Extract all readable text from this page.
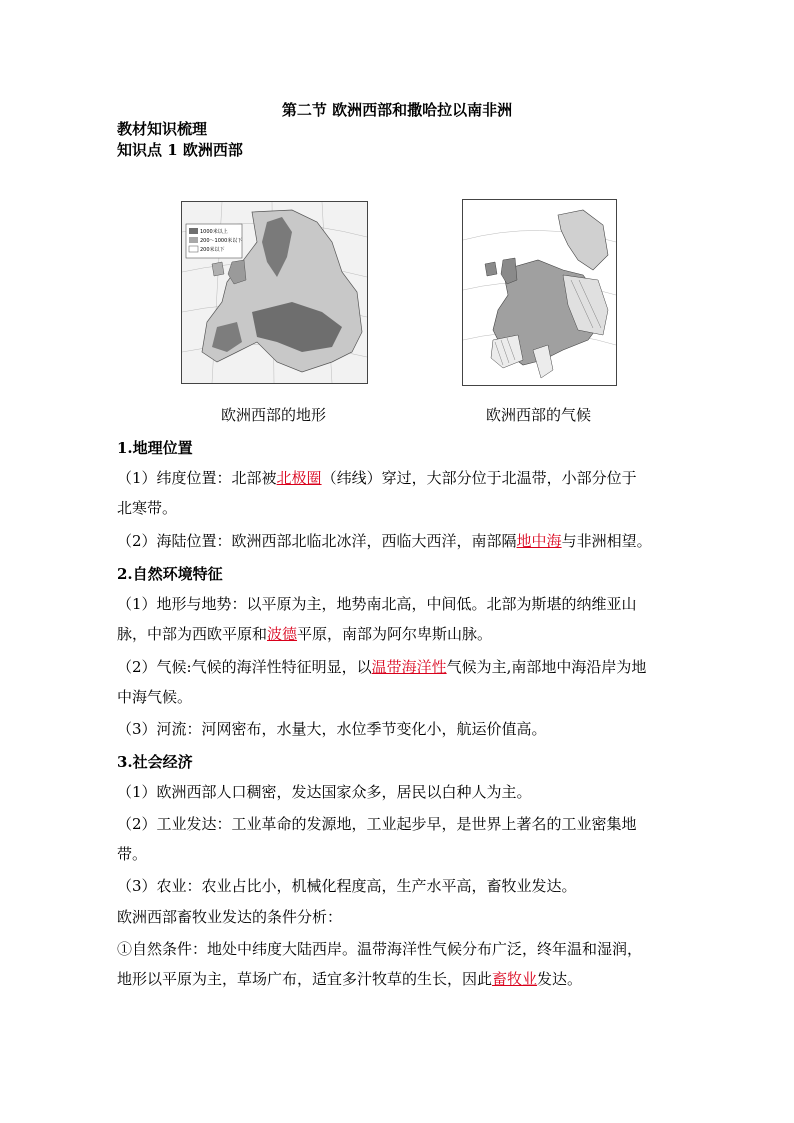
第二节 欧洲西部和撒哈拉以南非洲
教材知识梳理
知识点 1 欧洲西部
1000米以上
200～1000米以下
200米以下
欧洲西部的地形	欧洲西部的气候
1.地理位置
（1）纬度位置：北部被北极圈（纬线）穿过，大部分位于北温带，小部分位于
北寒带。
（2）海陆位置：欧洲西部北临北冰洋，西临大西洋，南部隔地中海与非洲相望。
2.自然环境特征
（1）地形与地势：以平原为主，地势南北高，中间低。北部为斯堪的纳维亚山
脉，中部为西欧平原和波德平原，南部为阿尔卑斯山脉。
（2）气候:气候的海洋性特征明显，以温带海洋性气候为主,南部地中海沿岸为地
中海气候。
（3）河流：河网密布，水量大，水位季节变化小，航运价值高。
3.社会经济
（1）欧洲西部人口稠密，发达国家众多，居民以白种人为主。
（2）工业发达：工业革命的发源地，工业起步早，是世界上著名的工业密集地
带。
（3）农业：农业占比小，机械化程度高，生产水平高，畜牧业发达。
欧洲西部畜牧业发达的条件分析：
①自然条件：地处中纬度大陆西岸。温带海洋性气候分布广泛，终年温和湿润，
地形以平原为主，草场广布，适宜多汁牧草的生长，因此畜牧业发达。
